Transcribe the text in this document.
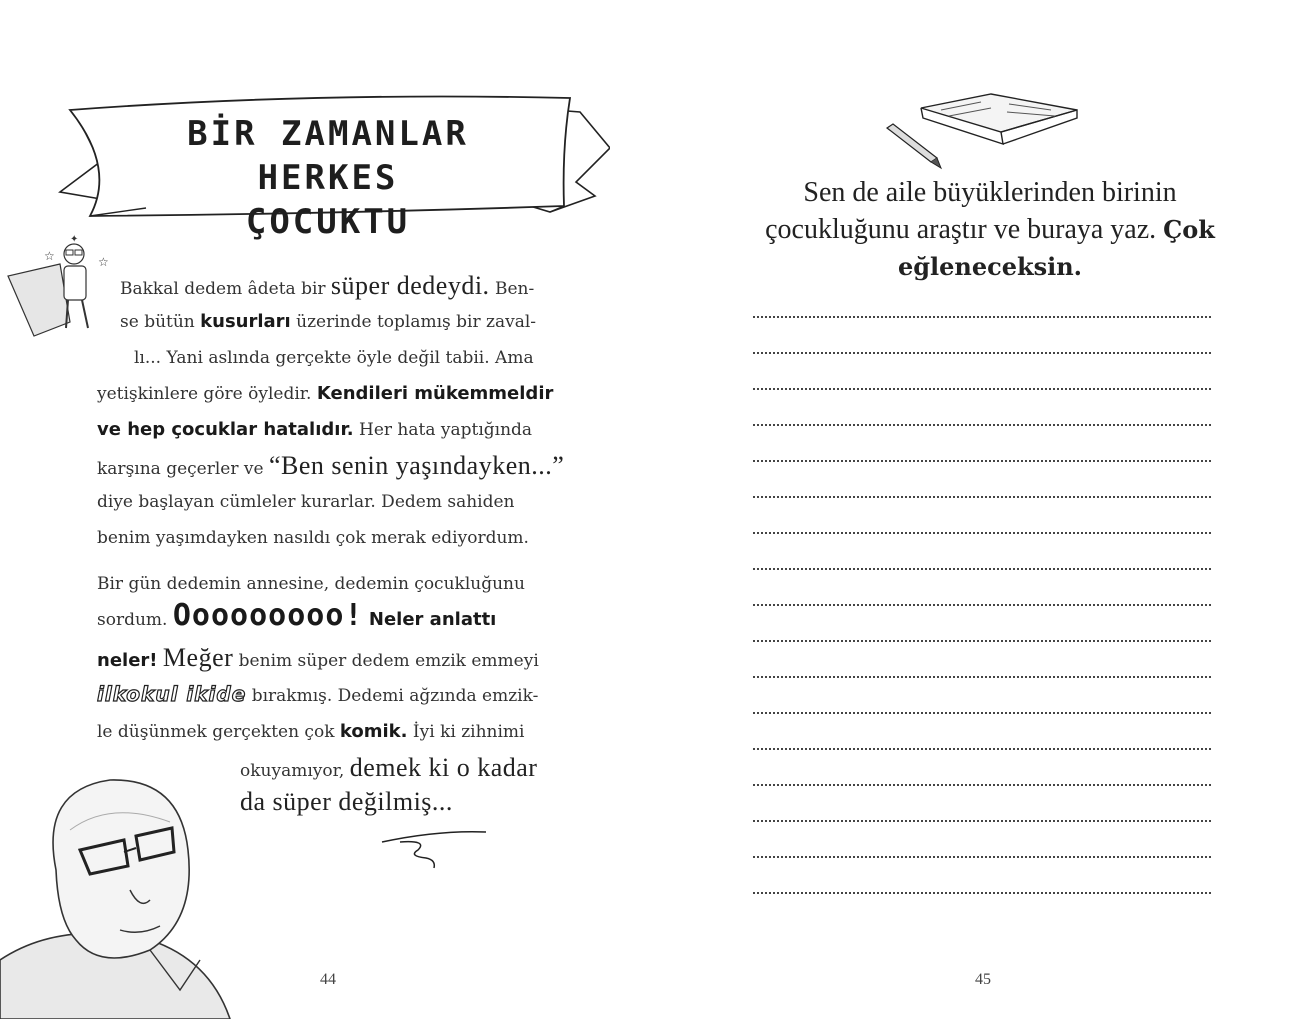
BİR ZAMANLAR HERKES
ÇOCUKTU
☆	☆
✦
Bakkal dedem âdeta bir süper dedeydi. Ben-
se bütün kusurları üzerinde toplamış bir zaval-
lı... Yani aslında gerçekte öyle değil tabii. Ama
yetişkinlere göre öyledir. Kendileri mükemmeldir
ve hep çocuklar hatalıdır. Her hata yaptığında
karşına geçerler ve “Ben senin yaşındayken...”
diye başlayan cümleler kurarlar. Dedem sahiden
benim yaşımdayken nasıldı çok merak ediyordum.
Bir gün dedemin annesine, dedemin çocukluğunu
sordum. Ooooooooo! Neler anlattı
neler! Meğer benim süper dedem emzik emmeyi
ilkokul ikide bırakmış. Dedemi ağzında emzik-
le düşünmek gerçekten çok komik. İyi ki zihnimi
okuyamıyor, demek ki o kadar
da süper değilmiş...
44
Sen de aile büyüklerinden birinin
çocukluğunu araştır ve buraya yaz. Çok
eğleneceksin.
45
